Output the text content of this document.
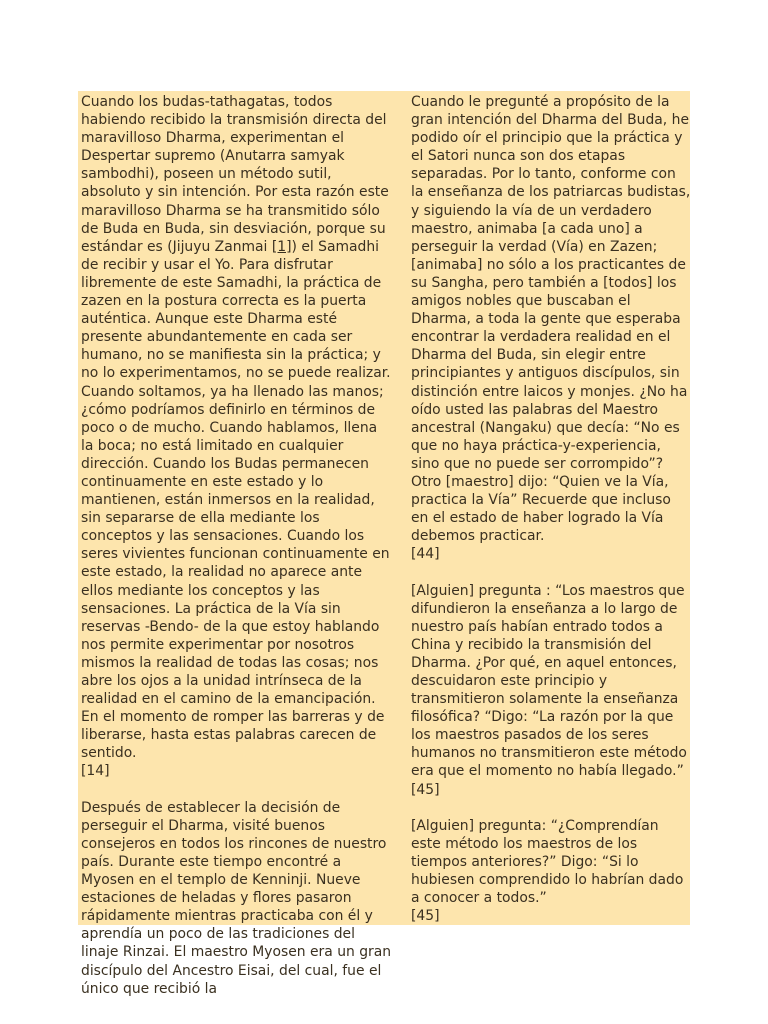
Cuando los budas-tathagatas, todos habiendo recibido la transmisión directa del maravilloso Dharma, experimentan el Despertar supremo (Anutarra samyak sambodhi), poseen un método sutil, absoluto y sin intención. Por esta razón este maravilloso Dharma se ha transmitido sólo de Buda en Buda, sin desviación, porque su estándar es (Jijuyu Zanmai [1]) el Samadhi de recibir y usar el Yo. Para disfrutar libremente de este Samadhi, la práctica de zazen en la postura correcta es la puerta auténtica. Aunque este Dharma esté presente abundantemente en cada ser humano, no se manifiesta sin la práctica; y no lo experimentamos, no se puede realizar. Cuando soltamos, ya ha llenado las manos; ¿cómo podríamos definirlo en términos de poco o de mucho. Cuando hablamos, llena la boca; no está limitado en cualquier dirección. Cuando los Budas permanecen continuamente en este estado y lo mantienen, están inmersos en la realidad, sin separarse de ella mediante los conceptos y las sensaciones. Cuando los seres vivientes funcionan continuamente en este estado, la realidad no aparece ante ellos mediante los conceptos y las sensaciones. La práctica de la Vía sin reservas -Bendo- de la que estoy hablando nos permite experimentar por nosotros mismos la realidad de todas las cosas; nos abre los ojos a la unidad intrínseca de la realidad en el camino de la emancipación. En el momento de romper las barreras y de liberarse, hasta estas palabras carecen de sentido.
[14]

Después de establecer la decisión de perseguir el Dharma, visité buenos consejeros en todos los rincones de nuestro país. Durante este tiempo encontré a Myosen en el templo de Kenninji. Nueve estaciones de heladas y flores pasaron rápidamente mientras practicaba con él y aprendía un poco de las tradiciones del linaje Rinzai. El maestro Myosen era un gran discípulo del Ancestro Eisai, del cual, fue el único que recibió la

Cuando le pregunté a propósito de la gran intención del Dharma del Buda, he podido oír el principio que la práctica y el Satori nunca son dos etapas separadas. Por lo tanto, conforme con la enseñanza de los patriarcas budistas, y siguiendo la vía de un verdadero maestro, animaba [a cada uno] a perseguir la verdad (Vía) en Zazen; [animaba] no sólo a los practicantes de su Sangha, pero también a [todos] los amigos nobles que buscaban el Dharma, a toda la gente que esperaba encontrar la verdadera realidad en el Dharma del Buda, sin elegir entre principiantes y antiguos discípulos, sin distinción entre laicos y monjes. ¿No ha oído usted las palabras del Maestro ancestral (Nangaku) que decía: “No es que no haya práctica-y-experiencia, sino que no puede ser corrompido”? Otro [maestro] dijo: “Quien ve la Vía, practica la Vía” Recuerde que incluso en el estado de haber logrado la Vía debemos practicar.
[44]

[Alguien] pregunta : “Los maestros que difundieron la enseñanza a lo largo de nuestro país habían entrado todos a China y recibido la transmisión del Dharma. ¿Por qué, en aquel entonces, descuidaron este principio y transmitieron solamente la enseñanza filosófica? “Digo: “La razón por la que los maestros pasados de los seres humanos no transmitieron este método era que el momento no había llegado.”
[45]

[Alguien] pregunta: “¿Comprendían este método los maestros de los tiempos anteriores?” Digo: “Si lo hubiesen comprendido lo habrían dado a conocer a todos.”
[45]
